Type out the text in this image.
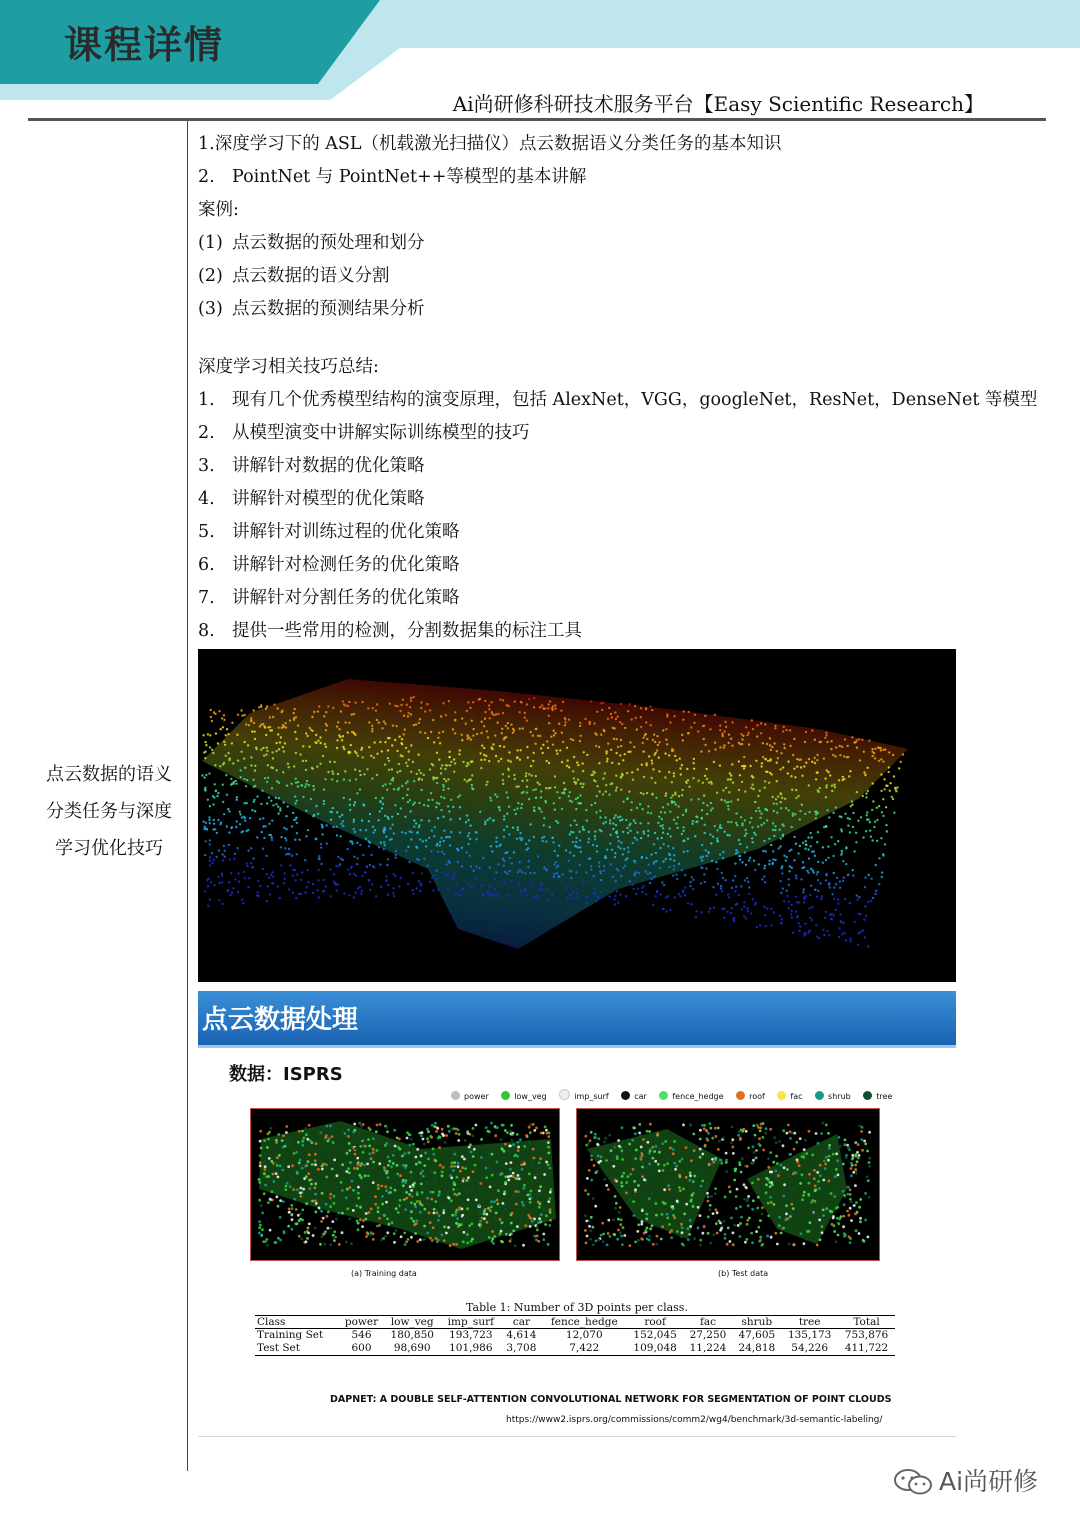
课程详情
Ai尚研修科研技术服务平台【Easy Scientific Research】
点云数据的语义
分类任务与深度
学习优化技巧
1.深度学习下的 ASL（机载激光扫描仪）点云数据语义分类任务的基本知识
2. PointNet 与 PointNet++等模型的基本讲解
案例:
(1) 点云数据的预处理和划分
(2) 点云数据的语义分割
(3) 点云数据的预测结果分析
深度学习相关技巧总结:
1. 现有几个优秀模型结构的演变原理，包括 AlexNet，VGG，googleNet，ResNet，DenseNet 等模型
2. 从模型演变中讲解实际训练模型的技巧
3. 讲解针对数据的优化策略
4. 讲解针对模型的优化策略
5. 讲解针对训练过程的优化策略
6. 讲解针对检测任务的优化策略
7. 讲解针对分割任务的优化策略
8. 提供一些常用的检测，分割数据集的标注工具
点云数据处理
数据：ISPRS
power	low_veg	imp_surf	car	fence_hedge	roof	fac	shrub	tree
(a) Training data	(b) Test data
Table 1: Number of 3D points per class.
Class	power	low_veg	imp_surf	car	fence_hedge	roof	fac	shrub	tree	Total
Training Set	546	180,850	193,723	4,614	12,070	152,045	27,250	47,605	135,173	753,876
Test Set	600	98,690	101,986	3,708	7,422	109,048	11,224	24,818	54,226	411,722
DAPNET: A DOUBLE SELF-ATTENTION CONVOLUTIONAL NETWORK FOR SEGMENTATION OF POINT CLOUDS
https://www2.isprs.org/commissions/comm2/wg4/benchmark/3d-semantic-labeling/
Ai尚研修
